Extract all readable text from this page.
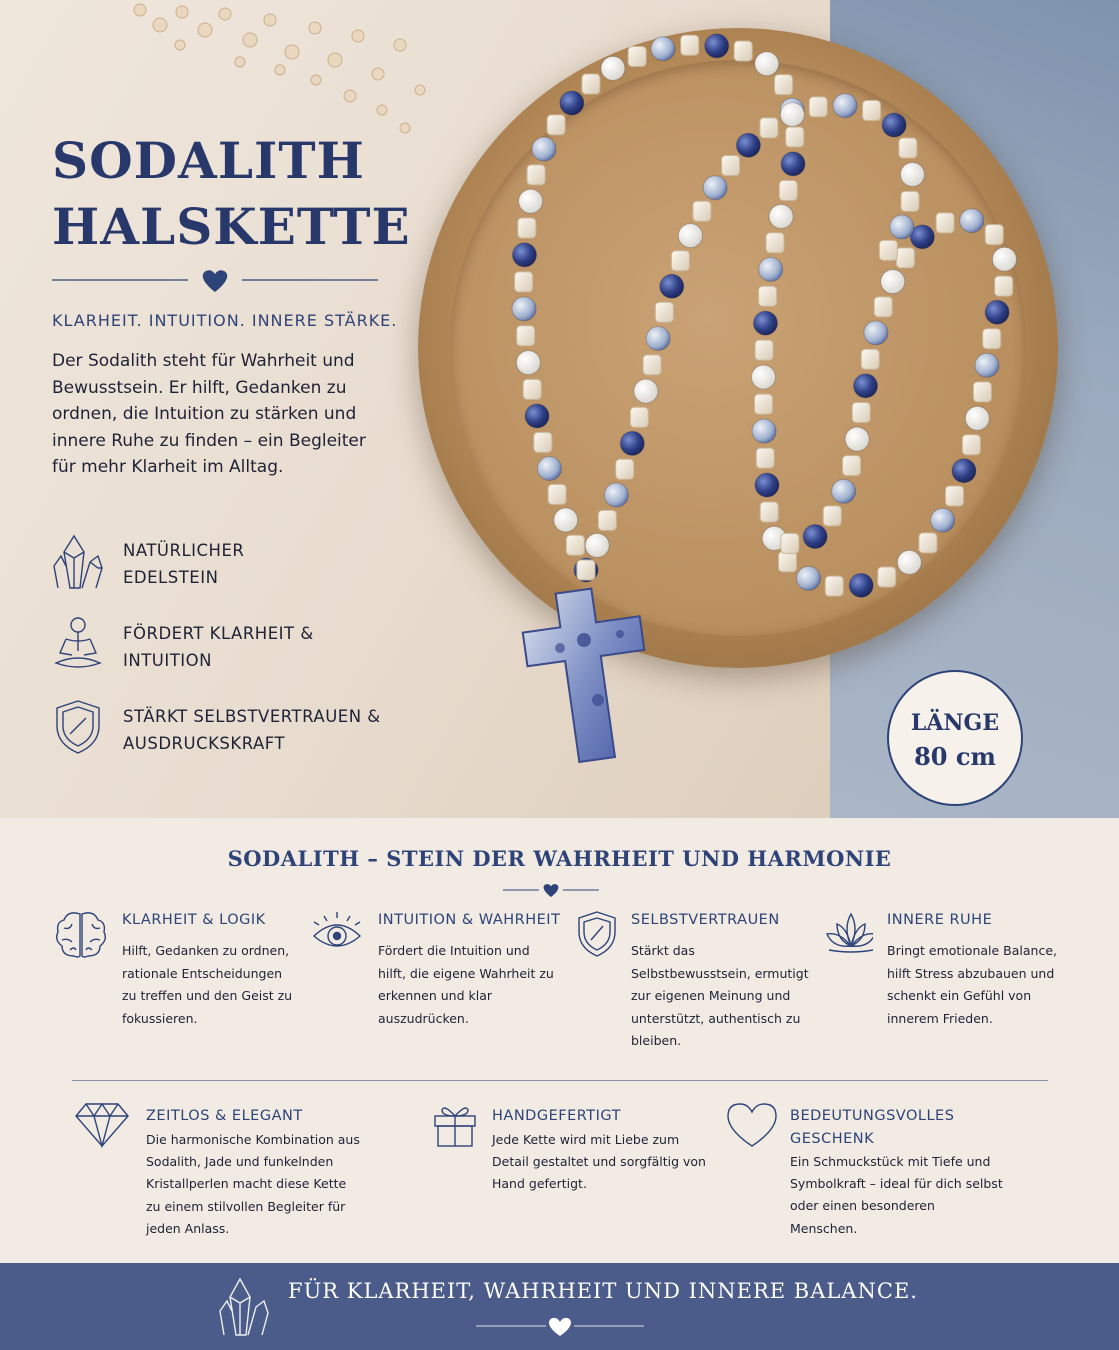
SODALITH HALSKETTE
KLARHEIT. INTUITION. INNERE STÄRKE.
Der Sodalith steht für Wahrheit und Bewusstsein. Er hilft, Gedanken zu ordnen, die Intuition zu stärken und innere Ruhe zu finden – ein Begleiter für mehr Klarheit im Alltag.
NATÜRLICHER EDELSTEIN
FÖRDERT KLARHEIT & INTUITION
STÄRKT SELBSTVERTRAUEN & AUSDRUCKSKRAFT
LÄNGE
80 cm
SODALITH – STEIN DER WAHRHEIT UND HARMONIE
KLARHEIT & LOGIK

Hilft, Gedanken zu ordnen, rationale Entscheidungen zu treffen und den Geist zu fokussieren.

INTUITION & WAHRHEIT

Fördert die Intuition und hilft, die eigene Wahrheit zu erkennen und klar auszudrücken.

SELBSTVERTRAUEN

Stärkt das Selbstbewusstsein, ermutigt zur eigenen Meinung und unterstützt, authentisch zu bleiben.

INNERE RUHE

Bringt emotionale Balance, hilft Stress abzubauen und schenkt ein Gefühl von innerem Frieden.

ZEITLOS & ELEGANT

Die harmonische Kombination aus Sodalith, Jade und funkelnden Kristallperlen macht diese Kette zu einem stilvollen Begleiter für jeden Anlass.

HANDGEFERTIGT

Jede Kette wird mit Liebe zum Detail gestaltet und sorgfältig von Hand gefertigt.

BEDEUTUNGSVOLLES GESCHENK

Ein Schmuckstück mit Tiefe und Symbolkraft – ideal für dich selbst oder einen besonderen Menschen.

FÜR KLARHEIT, WAHRHEIT UND INNERE BALANCE.
